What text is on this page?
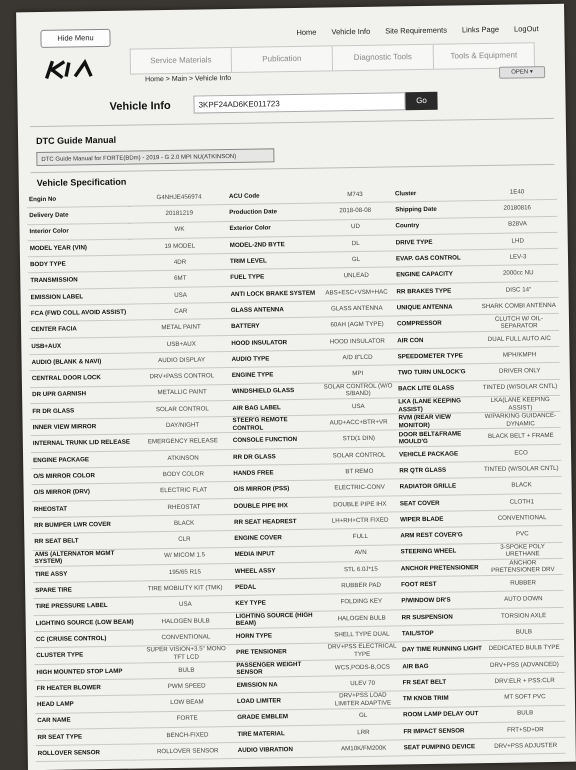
Hide Menu
Home Vehicle Info Site Requirements Links Page LogOut
Service Materials	Publication	Diagnostic Tools	Tools & Equipment
Home > Main > Vehicle Info
OPEN ▾
Vehicle Info	3KPF24AD6KE011723	Go
DTC Guide Manual
DTC Guide Manual for FORTE(BDm) - 2019 - G 2.0 MPI NU(ATKINSON)
Vehicle Specification
Engin No	G4NHJE456974	ACU Code	M743	Cluster	1E40
Delivery Date	20181219	Production Date	2018-08-08	Shipping Date	20180816
Interior Color	WK	Exterior Color	UD	Country	B28VA
MODEL YEAR (VIN)	19 MODEL	MODEL-2ND BYTE	DL	DRIVE TYPE	LHD
BODY TYPE	4DR	TRIM LEVEL	GL	EVAP. GAS CONTROL	LEV-3
TRANSMISSION	6MT	FUEL TYPE	UNLEAD	ENGINE CAPACITY	2000cc NU
EMISSION LABEL	USA	ANTI LOCK BRAKE SYSTEM	ABS+ESC+VSM+HAC	RR BRAKES TYPE	DISC 14"
FCA (FWD COLL AVOID ASSIST)	CAR	GLASS ANTENNA	GLASS ANTENNA	UNIQUE ANTENNA	SHARK COMBI ANTENNA
CENTER FACIA	METAL PAINT	BATTERY	60AH (AGM TYPE)	COMPRESSOR	CLUTCH W/ OIL-SEPARATOR
USB+AUX	USB+AUX	HOOD INSULATOR	HOOD INSULATOR	AIR CON	DUAL FULL AUTO A/C
AUDIO (BLANK & NAVI)	AUDIO DISPLAY	AUDIO TYPE	A/D 8"LCD	SPEEDOMETER TYPE	MPH/KMPH
CENTRAL DOOR LOCK	DRV+PASS CONTROL	ENGINE TYPE	MPI	TWO TURN UNLOCK'G	DRIVER ONLY
DR UPR GARNISH	METALLIC PAINT	WINDSHIELD GLASS	SOLAR CONTROL (W/O S/BAND)	BACK LITE GLASS	TINTED (W/SOLAR CNTL)
FR DR GLASS	SOLAR CONTROL	AIR BAG LABEL	USA	LKA (LANE KEEPING ASSIST)	LKA(LANE KEEPING ASSIST)
INNER VIEW MIRROR	DAY/NIGHT	STEER'G REMOTE CONTROL	AUD+ACC+BTR+VR	RVM (REAR VIEW MONITOR)	W/PARKING GUIDANCE-DYNAMIC
INTERNAL TRUNK LID RELEASE	EMERGENCY RELEASE	CONSOLE FUNCTION	STD(1 DIN)	DOOR BELT&FRAME MOULD'G	BLACK BELT + FRAME
ENGINE PACKAGE	ATKINSON	RR DR GLASS	SOLAR CONTROL	VEHICLE PACKAGE	ECO
O/S MIRROR COLOR	BODY COLOR	HANDS FREE	BT REMO	RR QTR GLASS	TINTED (W/SOLAR CNTL)
O/S MIRROR (DRV)	ELECTRIC FLAT	O/S MIRROR (PSS)	ELECTRIC-CONV	RADIATOR GRILLE	BLACK
RHEOSTAT	RHEOSTAT	DOUBLE PIPE IHX	DOUBLE PIPE IHX	SEAT COVER	CLOTH1
RR BUMPER LWR COVER	BLACK	RR SEAT HEADREST	LH+RH+CTR FIXED	WIPER BLADE	CONVENTIONAL
RR SEAT BELT	CLR	ENGINE COVER	FULL	ARM REST COVER'G	PVC
AMS (ALTERNATOR MGMT SYSTEM)	W/ MICOM 1.5	MEDIA INPUT	AVN	STEERING WHEEL	3-SPOKE POLY URETHANE
TIRE ASSY	195/65 R15	WHEEL ASSY	STL 6.0J*15	ANCHOR PRETENSIONER	ANCHOR PRETENSIONER DRV
SPARE TIRE	TIRE MOBILITY KIT (TMK)	PEDAL	RUBBER PAD	FOOT REST	RUBBER
TIRE PRESSURE LABEL	USA	KEY TYPE	FOLDING KEY	P/WINDOW DR'S	AUTO DOWN
LIGHTING SOURCE (LOW BEAM)	HALOGEN BULB	LIGHTING SOURCE (HIGH BEAM)	HALOGEN BULB	RR SUSPENSION	TORSION AXLE
CC (CRUISE CONTROL)	CONVENTIONAL	HORN TYPE	SHELL TYPE DUAL	TAIL/STOP	BULB
CLUSTER TYPE	SUPER VISION+3.5" MONO TFT LCD	PRE TENSIONER	DRV+PSS ELECTRICAL TYPE	DAY TIME RUNNING LIGHT	DEDICATED BULB TYPE
HIGH MOUNTED STOP LAMP	BULB	PASSENGER WEIGHT SENSOR	WCS,PODS-B,OCS	AIR BAG	DRV+PSS (ADVANCED)
FR HEATER BLOWER	PWM SPEED	EMISSION NA	ULEV 70	FR SEAT BELT	DRV:ELR + PSS:CLR
HEAD LAMP	LOW BEAM	LOAD LIMITER	DRV+PSS LOAD LIMITER ADAPTIVE	TM KNOB TRIM	MT SOFT PVC
CAR NAME	FORTE	GRADE EMBLEM	GL	ROOM LAMP DELAY OUT	BULB
RR SEAT TYPE	BENCH-FIXED	TIRE MATERIAL	LRR	FR IMPACT SENSOR	FRT+SD+DR
ROLLOVER SENSOR	ROLLOVER SENSOR	AUDIO VIBRATION	AM10K/FM200K	SEAT PUMPING DEVICE	DRV+PSS ADJUSTER
